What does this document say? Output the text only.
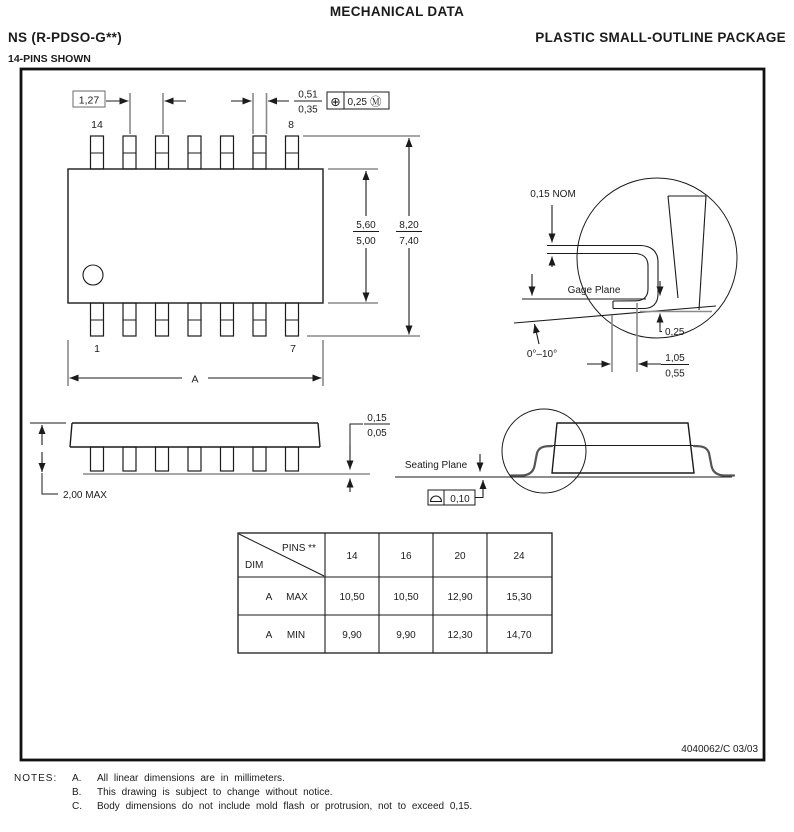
MECHANICAL DATA
NS (R-PDSO-G**)	PLASTIC SMALL-OUTLINE PACKAGE
14-PINS SHOWN
14	8
1	7
1,27	0,51
0,35
⊕ 0,25 Ⓜ
5,60
5,00
8,20
7,40
A
0,15 NOM
Gage Plane
0°–10°
0,25
1,05
0,55
2,00 MAX
0,15
0,05
Seating Plane
0,10
PINS **
DIM
14	16	20	24
A MAX	10,50	10,50	12,90	15,30
A MIN	9,90	9,90	12,30	14,70
4040062/C 03/03
NOTES: A. All linear dimensions are in millimeters.
B. This drawing is subject to change without notice.
C. Body dimensions do not include mold flash or protrusion, not to exceed 0,15.
